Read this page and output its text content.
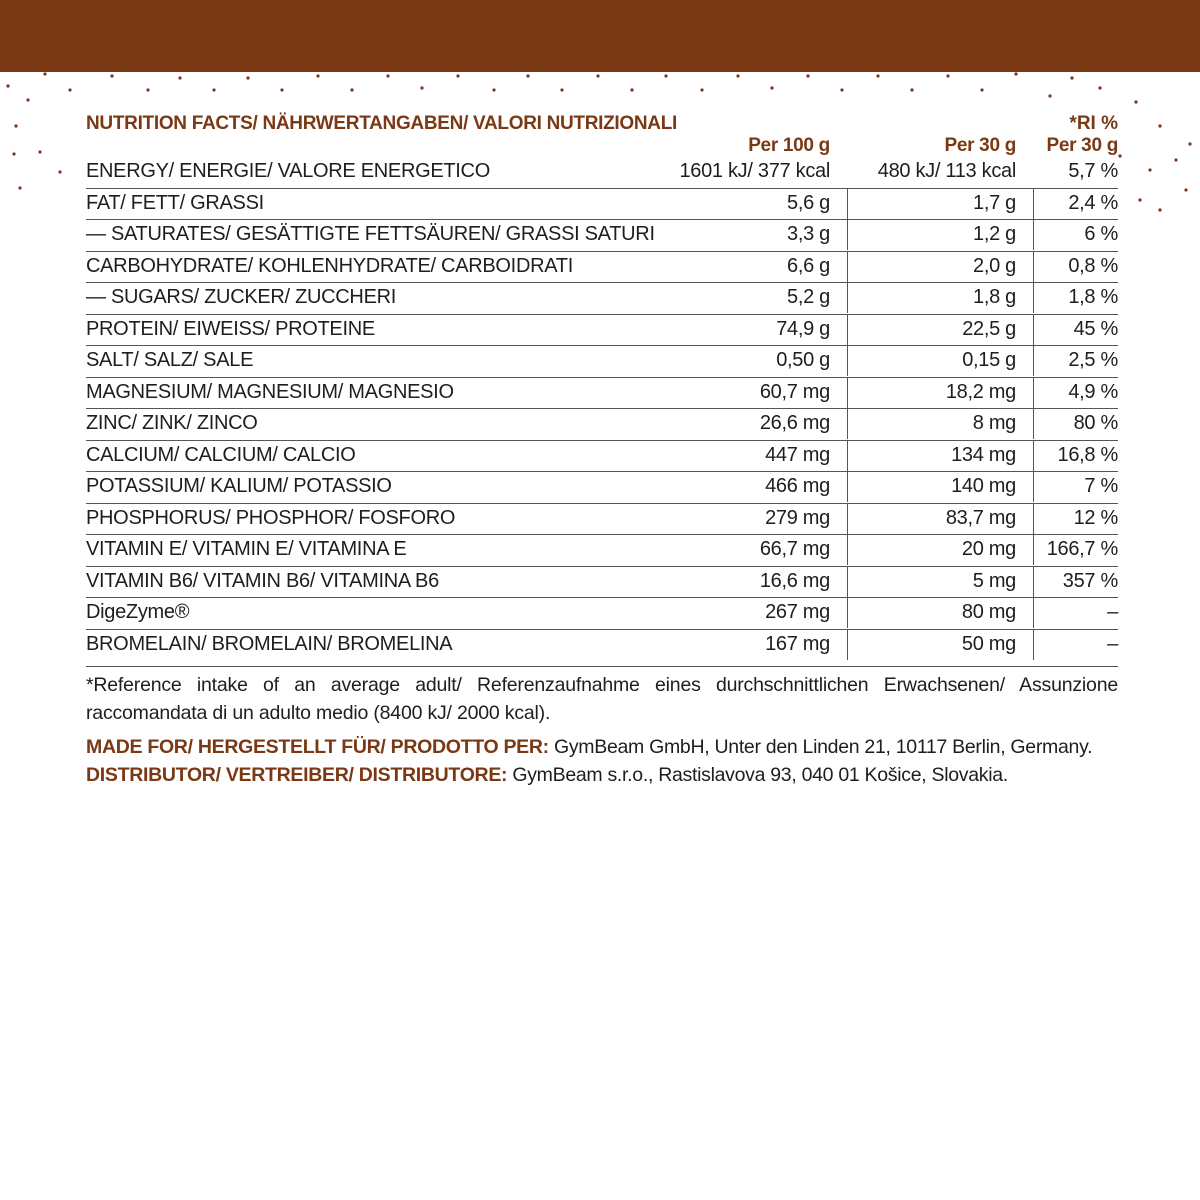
NUTRITION FACTS/ NÄHRWERTANGABEN/ VALORI NUTRIZIONALI	*RI %
Per 100 g	Per 30 g Per 30 g
ENERGY/ ENERGIE/ VALORE ENERGETICO	1601 kJ/ 377 kcal 480 kJ/ 113 kcal	5,7 %
FAT/ FETT/ GRASSI	5,6 g	1,7 g	2,4 %
— SATURATES/ GESÄTTIGTE FETTSÄUREN/ GRASSI SATURI	3,3 g	1,2 g	6 %
CARBOHYDRATE/ KOHLENHYDRATE/ CARBOIDRATI	6,6 g	2,0 g	0,8 %
— SUGARS/ ZUCKER/ ZUCCHERI	5,2 g	1,8 g	1,8 %
PROTEIN/ EIWEISS/ PROTEINE	74,9 g	22,5 g	45 %
SALT/ SALZ/ SALE	0,50 g	0,15 g	2,5 %
MAGNESIUM/ MAGNESIUM/ MAGNESIO	60,7 mg	18,2 mg	4,9 %
ZINC/ ZINK/ ZINCO	26,6 mg	8 mg	80 %
CALCIUM/ CALCIUM/ CALCIO	447 mg	134 mg 16,8 %
POTASSIUM/ KALIUM/ POTASSIO	466 mg	140 mg	7 %
PHOSPHORUS/ PHOSPHOR/ FOSFORO	279 mg	83,7 mg	12 %
VITAMIN E/ VITAMIN E/ VITAMINA E	66,7 mg	20 mg 166,7 %
VITAMIN B6/ VITAMIN B6/ VITAMINA B6	16,6 mg	5 mg 357 %
DigeZyme®	267 mg	80 mg	–
BROMELAIN/ BROMELAIN/ BROMELINA	167 mg	50 mg	–
*Reference intake of an average adult/ Referenzaufnahme eines durchschnittlichen Erwachsenen/ Assunzione raccomandata di un adulto medio (8400 kJ/ 2000 kcal).
MADE FOR/ HERGESTELLT FÜR/ PRODOTTO PER: GymBeam GmbH, Unter den Linden 21, 10117 Berlin, Germany.
DISTRIBUTOR/ VERTREIBER/ DISTRIBUTORE: GymBeam s.r.o., Rastislavova 93, 040 01 Košice, Slovakia.
